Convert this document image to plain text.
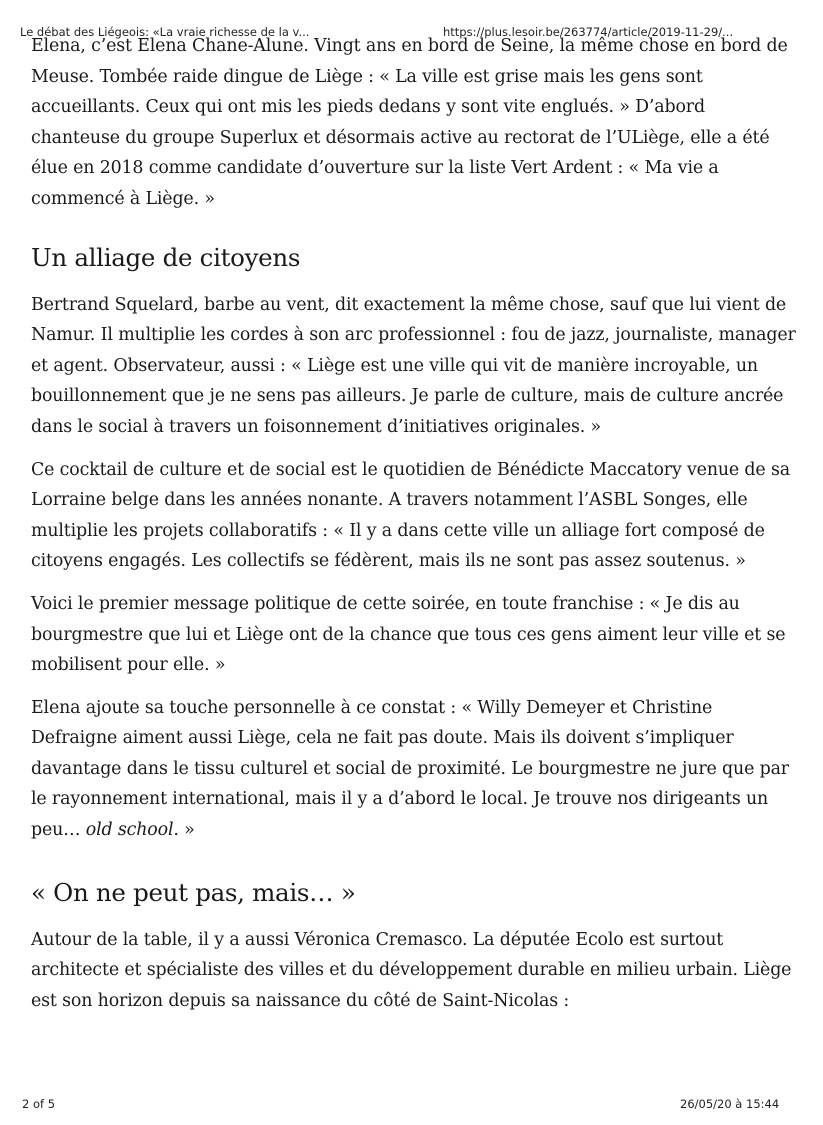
Le débat des Liégeois: «La vraie richesse de la v...	https://plus.lesoir.be/263774/article/2019-11-29/...

Elena, c’est Elena Chane-Alune. Vingt ans en bord de Seine, la même chose en bord de Meuse. Tombée raide dingue de Liège : « La ville est grise mais les gens sont accueillants. Ceux qui ont mis les pieds dedans y sont vite englués. » D’abord chanteuse du groupe Superlux et désormais active au rectorat de l’ULiège, elle a été élue en 2018 comme candidate d’ouverture sur la liste Vert Ardent : « Ma vie a commencé à Liège. »

Un alliage de citoyens

Bertrand Squelard, barbe au vent, dit exactement la même chose, sauf que lui vient de Namur. Il multiplie les cordes à son arc professionnel : fou de jazz, journaliste, manager et agent. Observateur, aussi : « Liège est une ville qui vit de manière incroyable, un bouillonnement que je ne sens pas ailleurs. Je parle de culture, mais de culture ancrée dans le social à travers un foisonnement d’initiatives originales. »

Ce cocktail de culture et de social est le quotidien de Bénédicte Maccatory venue de sa Lorraine belge dans les années nonante. A travers notamment l’ASBL Songes, elle multiplie les projets collaboratifs : « Il y a dans cette ville un alliage fort composé de citoyens engagés. Les collectifs se fédèrent, mais ils ne sont pas assez soutenus. »

Voici le premier message politique de cette soirée, en toute franchise : « Je dis au bourgmestre que lui et Liège ont de la chance que tous ces gens aiment leur ville et se mobilisent pour elle. »

Elena ajoute sa touche personnelle à ce constat : « Willy Demeyer et Christine Defraigne aiment aussi Liège, cela ne fait pas doute. Mais ils doivent s’impliquer davantage dans le tissu culturel et social de proximité. Le bourgmestre ne jure que par le rayonnement international, mais il y a d’abord le local. Je trouve nos dirigeants un peu… old school. »

« On ne peut pas, mais… »

Autour de la table, il y a aussi Véronica Cremasco. La députée Ecolo est surtout architecte et spécialiste des villes et du développement durable en milieu urbain. Liège est son horizon depuis sa naissance du côté de Saint-Nicolas :

2 of 5	26/05/20 à 15:44
